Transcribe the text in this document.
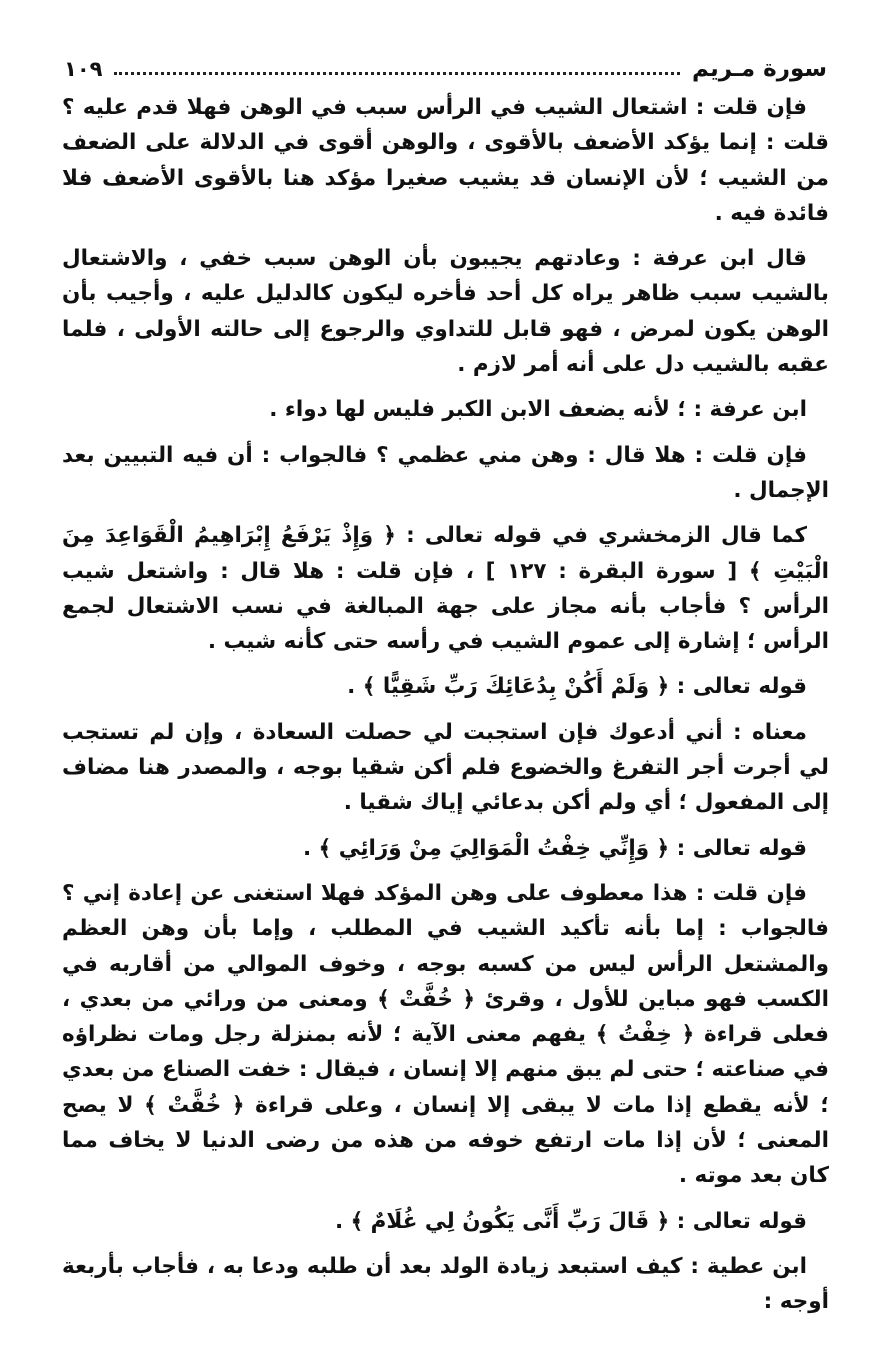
سورة مـريم
١٠٩

فإن قلت : اشتعال الشيب في الرأس سبب في الوهن فهلا قدم عليه ؟ قلت : إنما يؤكد الأضعف بالأقوى ، والوهن أقوى في الدلالة على الضعف من الشيب ؛ لأن الإنسان قد يشيب صغيرا مؤكد هنا بالأقوى الأضعف فلا فائدة فيه .

قال ابن عرفة : وعادتهم يجيبون بأن الوهن سبب خفي ، والاشتعال بالشيب سبب ظاهر يراه كل أحد فأخره ليكون كالدليل عليه ، وأجيب بأن الوهن يكون لمرض ، فهو قابل للتداوي والرجوع إلى حالته الأولى ، فلما عقبه بالشيب دل على أنه أمر لازم .

ابن عرفة : ؛ لأنه يضعف الابن الكبر فليس لها دواء .

فإن قلت : هلا قال : وهن مني عظمي ؟ فالجواب : أن فيه التبيين بعد الإجمال .

كما قال الزمخشري في قوله تعالى : ﴿ وَإِذْ يَرْفَعُ إِبْرَاهِيمُ الْقَوَاعِدَ مِنَ الْبَيْتِ ﴾ [ سورة البقرة : ١٢٧ ] ، فإن قلت : هلا قال : واشتعل شيب الرأس ؟ فأجاب بأنه مجاز على جهة المبالغة في نسب الاشتعال لجمع الرأس ؛ إشارة إلى عموم الشيب في رأسه حتى كأنه شيب .

قوله تعالى : ﴿ وَلَمْ أَكُنْ بِدُعَائِكَ رَبِّ شَقِيًّا ﴾ .

معناه : أني أدعوك فإن استجبت لي حصلت السعادة ، وإن لم تستجب لي أجرت أجر التفرغ والخضوع فلم أكن شقيا بوجه ، والمصدر هنا مضاف إلى المفعول ؛ أي ولم أكن بدعائي إياك شقيا .

قوله تعالى : ﴿ وَإِنِّي خِفْتُ الْمَوَالِيَ مِنْ وَرَائِي ﴾ .

فإن قلت : هذا معطوف على وهن المؤكد فهلا استغنى عن إعادة إني ؟ فالجواب : إما بأنه تأكيد الشيب في المطلب ، وإما بأن وهن العظم والمشتعل الرأس ليس من كسبه بوجه ، وخوف الموالي من أقاربه في الكسب فهو مباين للأول ، وقرئ ﴿ خُفَّتْ ﴾ ومعنى من ورائي من بعدي ، فعلى قراءة ﴿ خِفْتُ ﴾ يفهم معنى الآية ؛ لأنه بمنزلة رجل ومات نظراؤه في صناعته ؛ حتى لم يبق منهم إلا إنسان ، فيقال : خفت الصناع من بعدي ؛ لأنه يقطع إذا مات لا يبقى إلا إنسان ، وعلى قراءة ﴿ خُفَّتْ ﴾ لا يصح المعنى ؛ لأن إذا مات ارتفع خوفه من هذه من رضى الدنيا لا يخاف مما كان بعد موته .

قوله تعالى : ﴿ قَالَ رَبِّ أَنَّى يَكُونُ لِي غُلَامٌ ﴾ .

ابن عطية : كيف استبعد زيادة الولد بعد أن طلبه ودعا به ، فأجاب بأربعة أوجه :
